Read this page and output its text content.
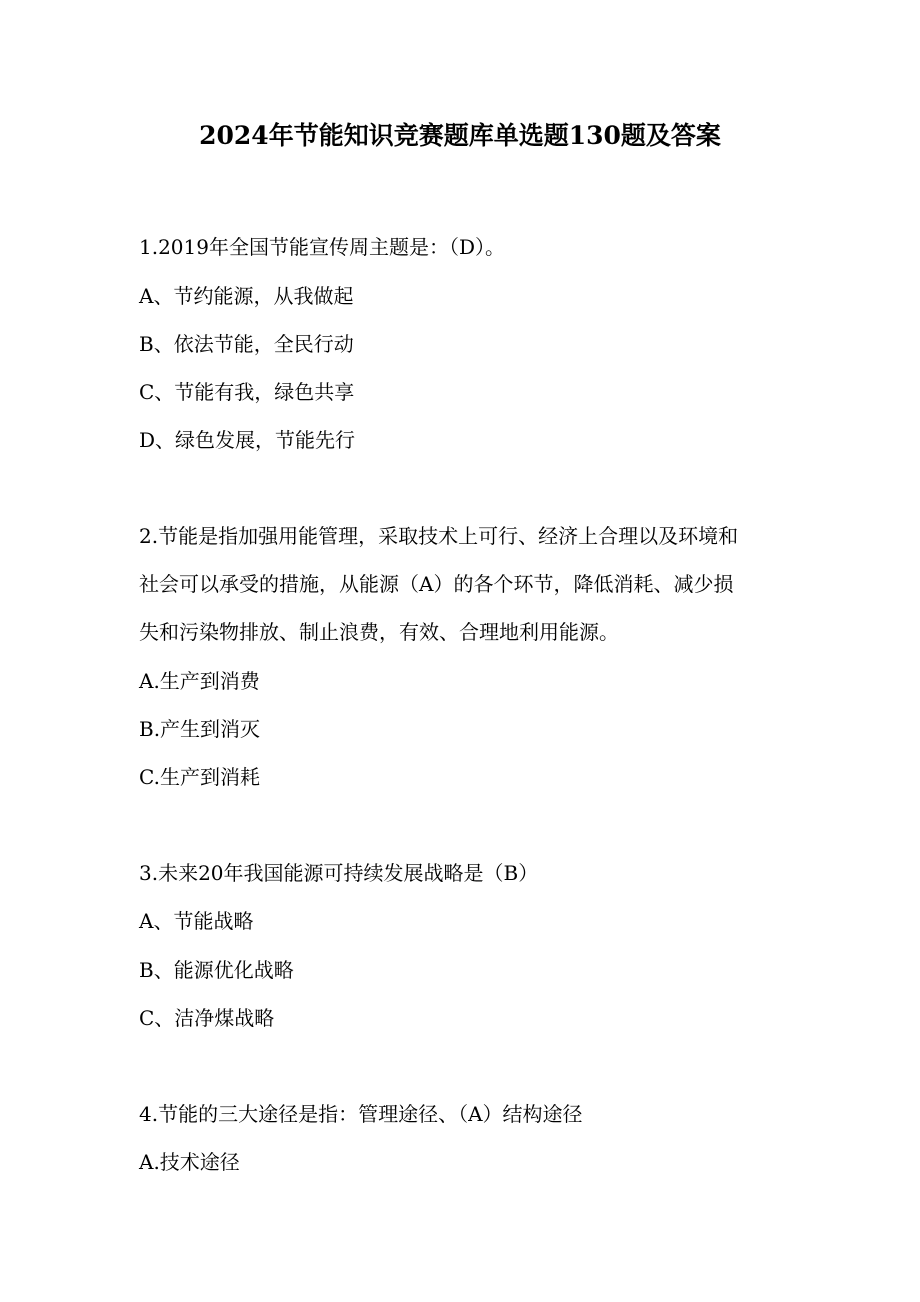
2024年节能知识竞赛题库单选题130题及答案
1.2019年全国节能宣传周主题是：（D）。
A、节约能源，从我做起
B、依法节能，全民行动
C、节能有我，绿色共享
D、绿色发展，节能先行
2.节能是指加强用能管理，采取技术上可行、经济上合理以及环境和
社会可以承受的措施，从能源（A）的各个环节，降低消耗、减少损
失和污染物排放、制止浪费，有效、合理地利用能源。
A.生产到消费
B.产生到消灭
C.生产到消耗
3.未来20年我国能源可持续发展战略是（B）
A、节能战略
B、能源优化战略
C、洁净煤战略
4.节能的三大途径是指：管理途径、（A）结构途径
A.技术途径
